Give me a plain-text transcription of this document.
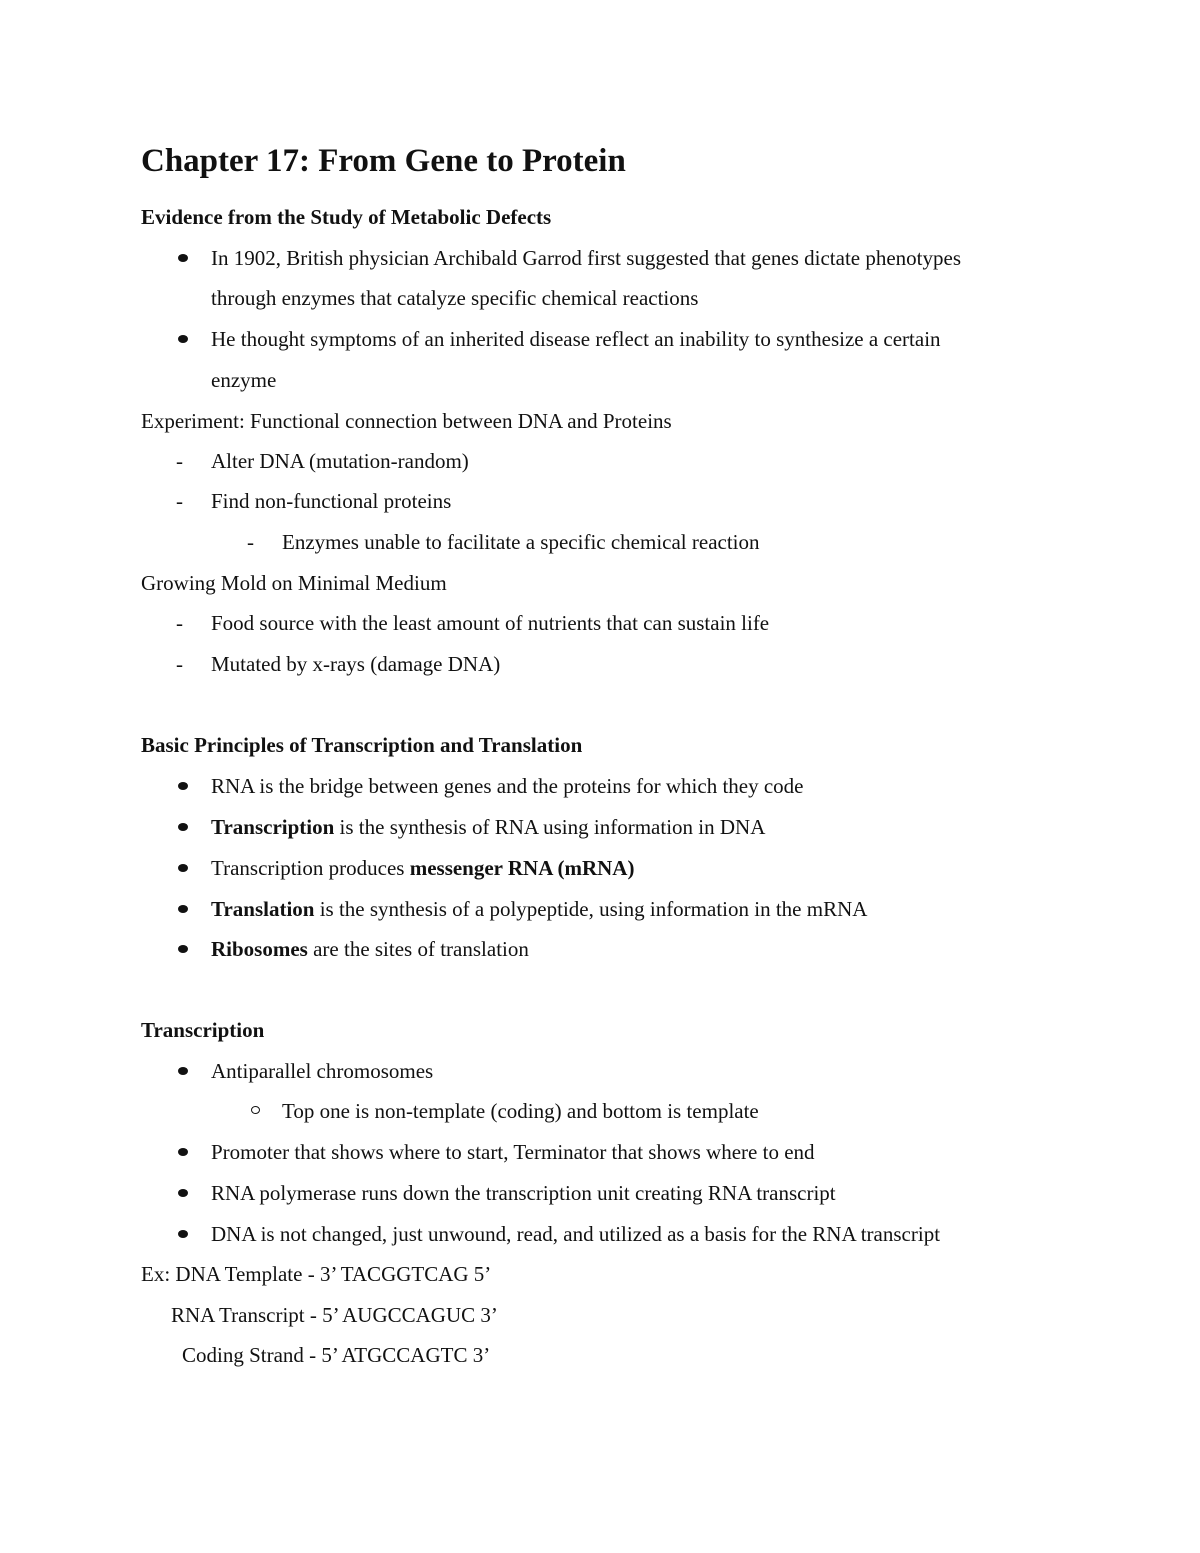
Chapter 17: From Gene to Protein
Evidence from the Study of Metabolic Defects
In 1902, British physician Archibald Garrod first suggested that genes dictate phenotypes
through enzymes that catalyze specific chemical reactions
He thought symptoms of an inherited disease reflect an inability to synthesize a certain
enzyme
Experiment: Functional connection between DNA and Proteins
- Alter DNA (mutation-random)
- Find non-functional proteins
- Enzymes unable to facilitate a specific chemical reaction
Growing Mold on Minimal Medium
- Food source with the least amount of nutrients that can sustain life
- Mutated by x-rays (damage DNA)
Basic Principles of Transcription and Translation
RNA is the bridge between genes and the proteins for which they code
Transcription is the synthesis of RNA using information in DNA
Transcription produces messenger RNA (mRNA)
Translation is the synthesis of a polypeptide, using information in the mRNA
Ribosomes are the sites of translation
Transcription
Antiparallel chromosomes
Top one is non-template (coding) and bottom is template
Promoter that shows where to start, Terminator that shows where to end
RNA polymerase runs down the transcription unit creating RNA transcript
DNA is not changed, just unwound, read, and utilized as a basis for the RNA transcript
Ex: DNA Template - 3’ TACGGTCAG 5’
RNA Transcript - 5’ AUGCCAGUC 3’
Coding Strand - 5’ ATGCCAGTC 3’
